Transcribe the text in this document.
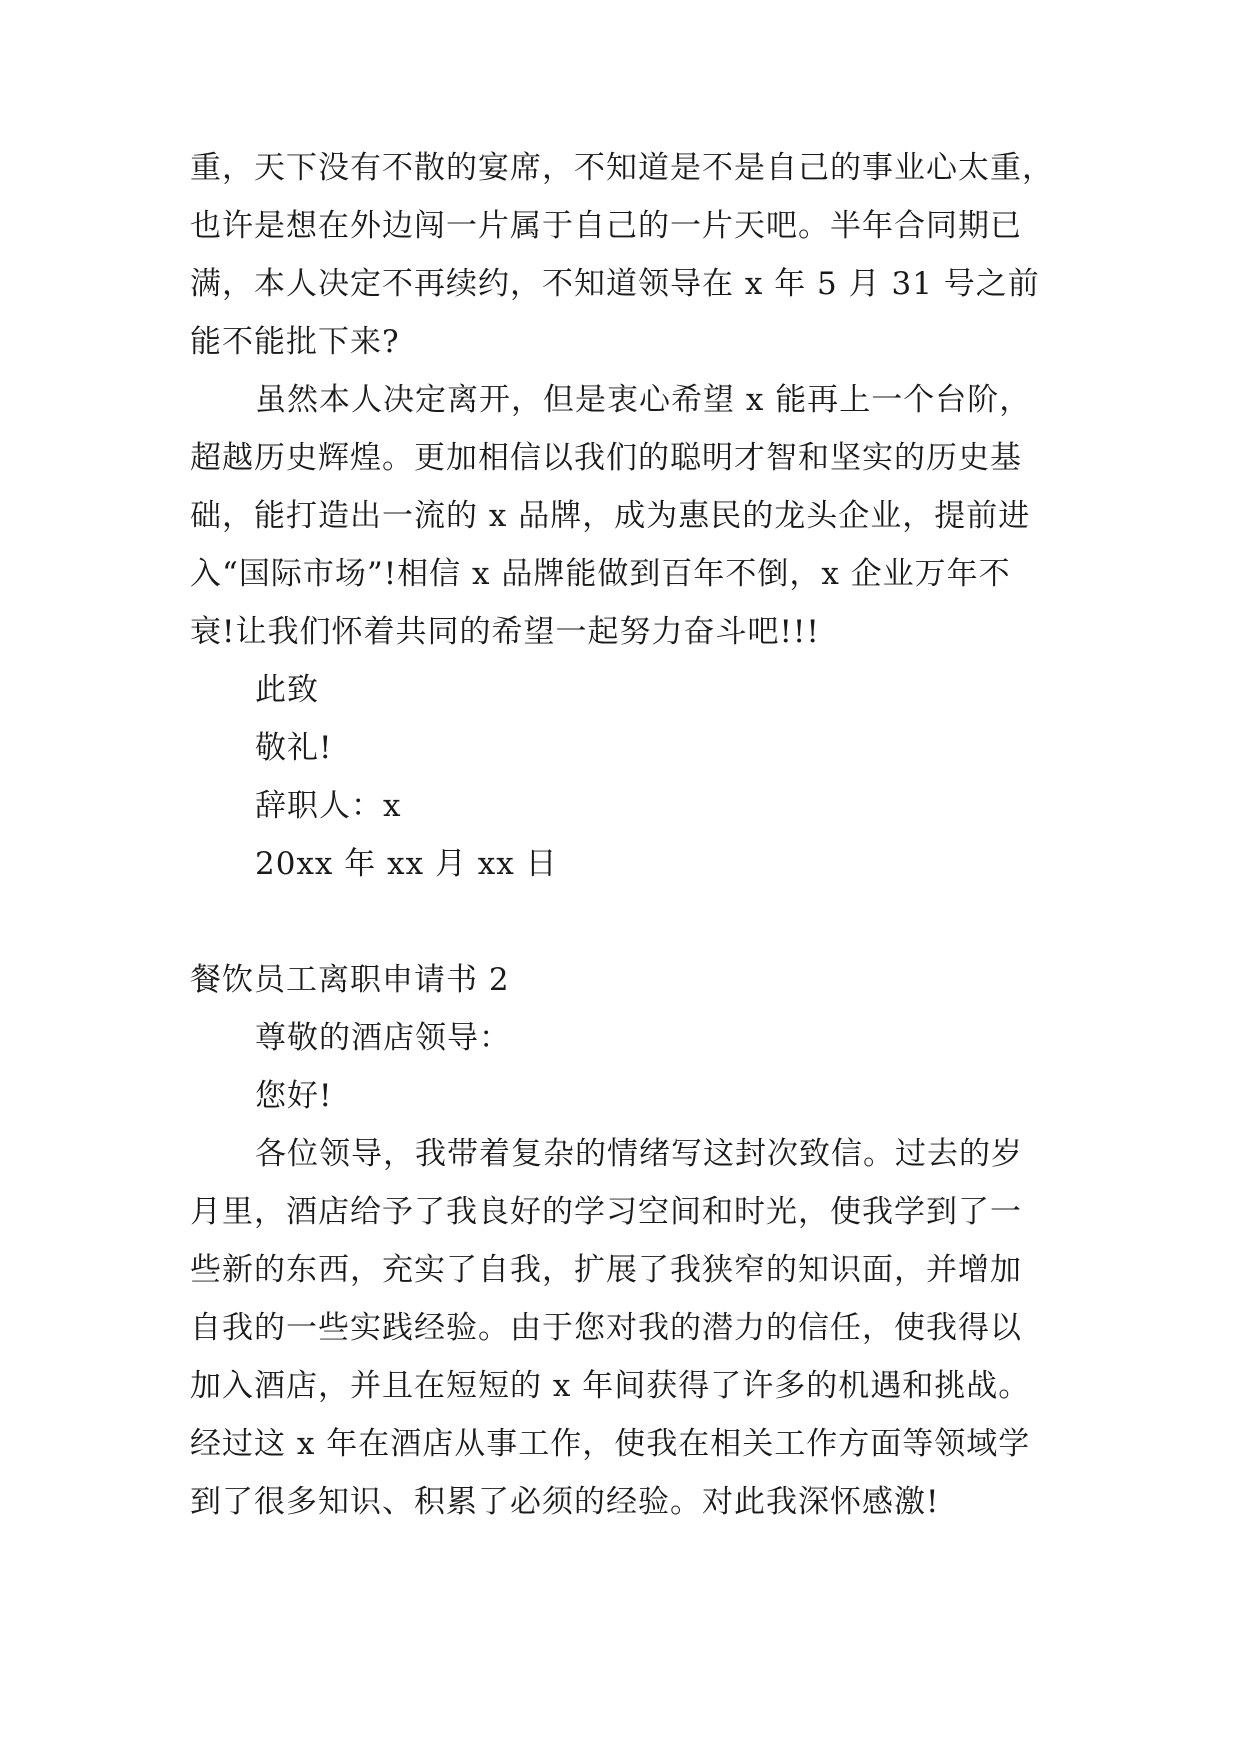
重，天下没有不散的宴席，不知道是不是自己的事业心太重，
也许是想在外边闯一片属于自己的一片天吧。半年合同期已
满，本人决定不再续约，不知道领导在 x 年 5 月 31 号之前
能不能批下来?
虽然本人决定离开，但是衷心希望 x 能再上一个台阶，
超越历史辉煌。更加相信以我们的聪明才智和坚实的历史基
础，能打造出一流的 x 品牌，成为惠民的龙头企业，提前进
入“国际市场”!相信 x 品牌能做到百年不倒，x 企业万年不
衰!让我们怀着共同的希望一起努力奋斗吧!!!
此致
敬礼!
辞职人：x
20xx 年 xx 月 xx 日
餐饮员工离职申请书 2
尊敬的酒店领导：
您好!
各位领导，我带着复杂的情绪写这封次致信。过去的岁
月里，酒店给予了我良好的学习空间和时光，使我学到了一
些新的东西，充实了自我，扩展了我狭窄的知识面，并增加
自我的一些实践经验。由于您对我的潜力的信任，使我得以
加入酒店，并且在短短的 x 年间获得了许多的机遇和挑战。
经过这 x 年在酒店从事工作，使我在相关工作方面等领域学
到了很多知识、积累了必须的经验。对此我深怀感激!
